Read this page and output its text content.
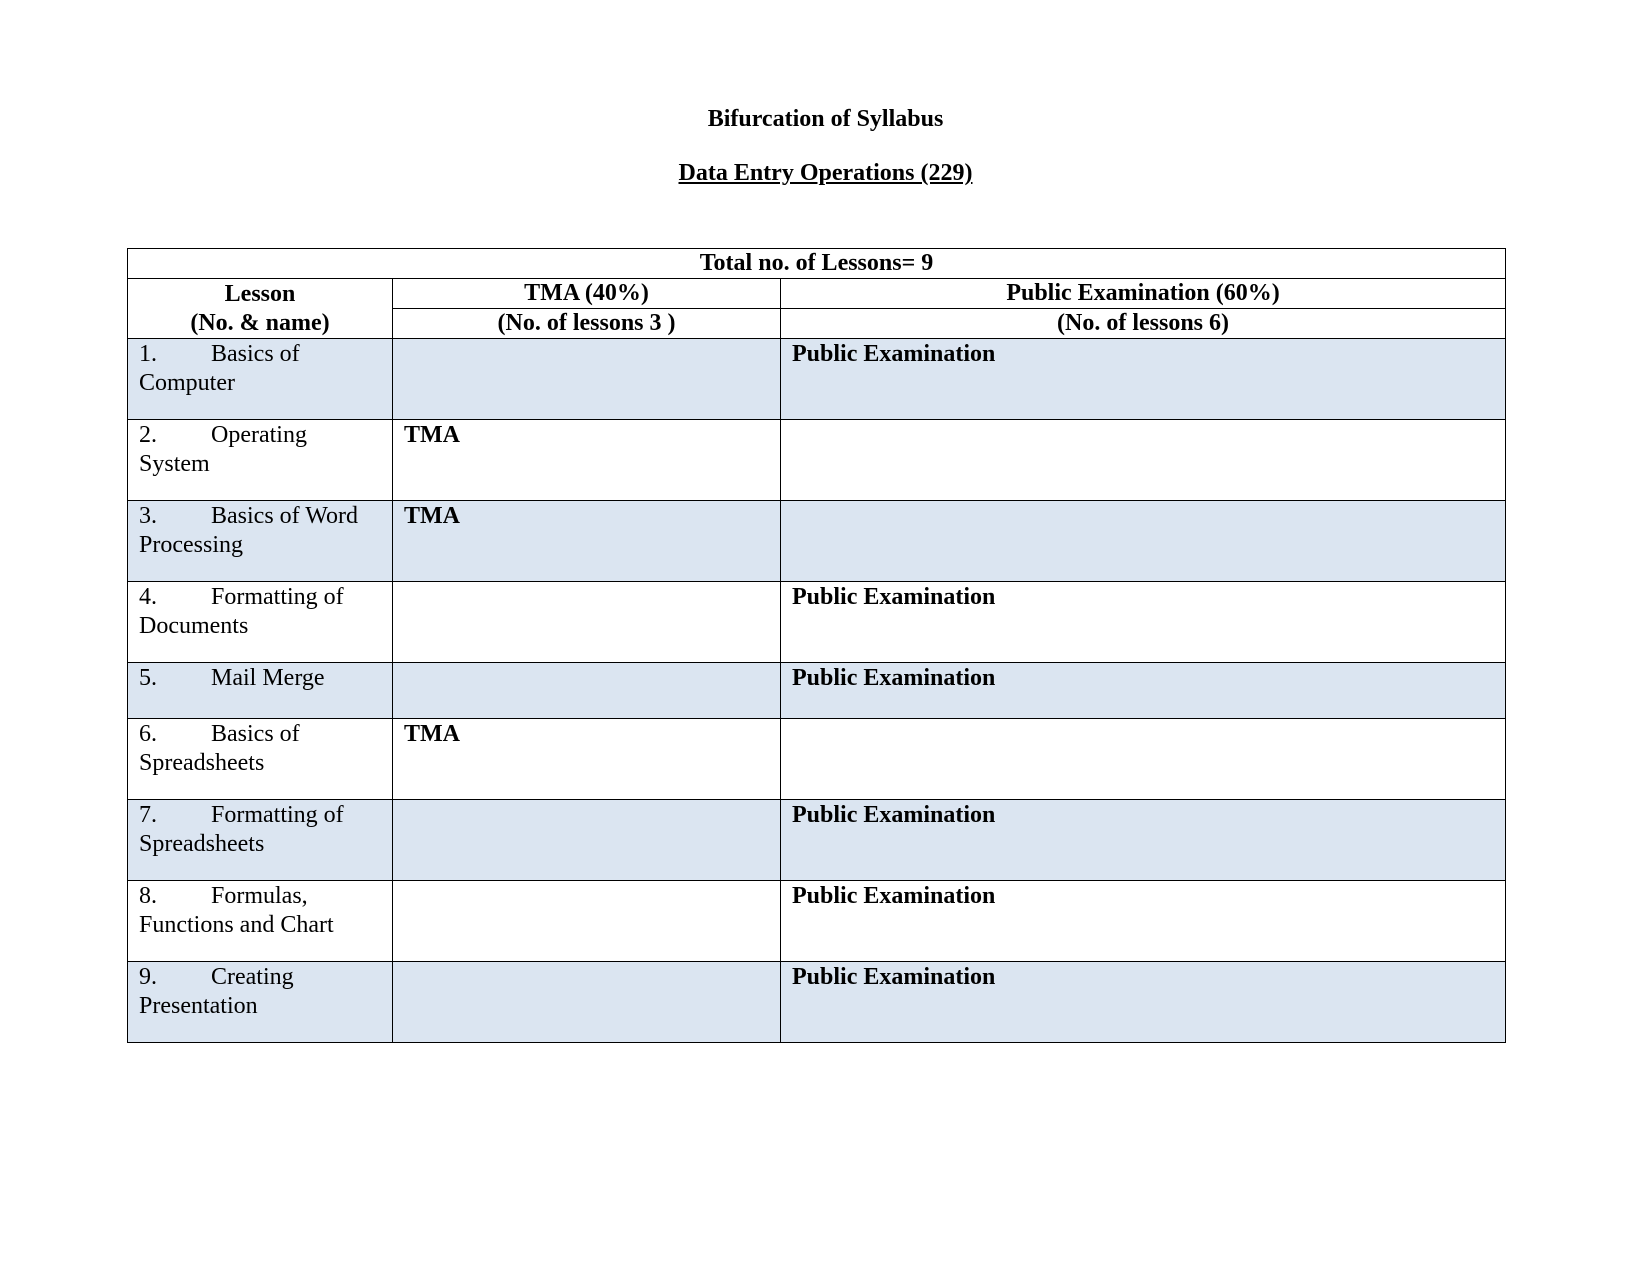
Bifurcation of Syllabus
Data Entry Operations (229)
Total no. of Lessons= 9		

Lesson
(No. & name)	TMA (40%)	Public Examination (60%)
	(No. of lessons 3 )	(No. of lessons 6)

1. Basics of
Computer		Public Examination

2. Operating
System	TMA	

3. Basics of Word
Processing	TMA	

4. Formatting of
Documents		Public Examination

5. Mail Merge		Public Examination

6. Basics of
Spreadsheets	TMA	

7. Formatting of
Spreadsheets		Public Examination

8. Formulas,
Functions and Chart		Public Examination

9. Creating
Presentation		Public Examination
